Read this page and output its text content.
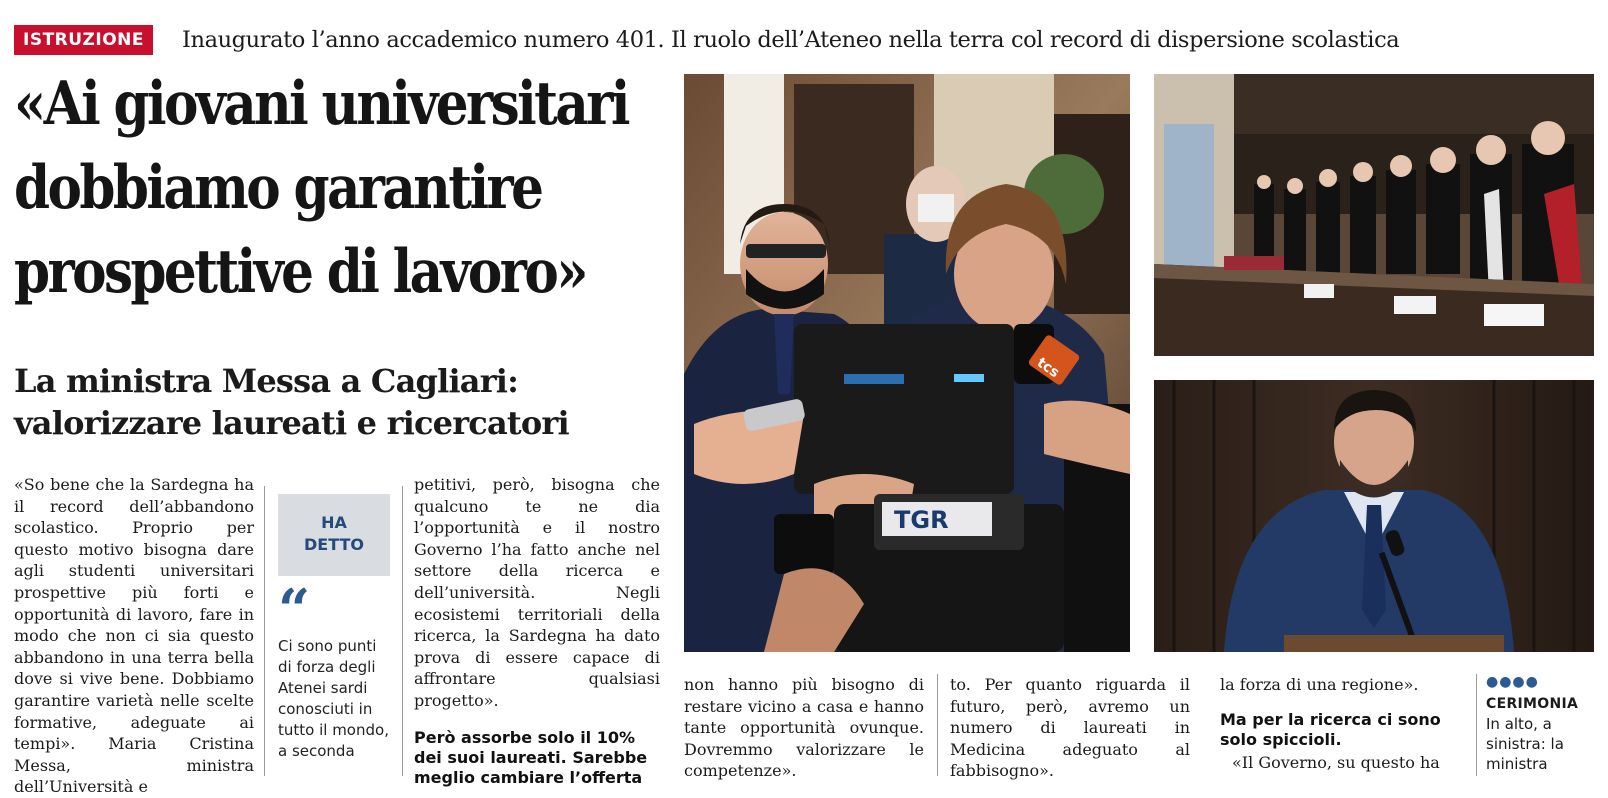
ISTRUZIONE	Inaugurato l’anno accademico numero 401. Il ruolo dell’Ateneo nella terra col record di dispersione scolastica
«Ai giovani universitari
dobbiamo garantire
prospettive di lavoro»
La ministra Messa a Cagliari:
valorizzare laureati e ricercatori

«So bene che la Sardegna ha il record dell’abbandono scolastico. Proprio per questo motivo bisogna dare agli studenti universitari prospettive più forti e opportunità di lavoro, fare in modo che non ci sia questo abbandono in una terra bella dove si vive bene. Dobbiamo garantire varietà nelle scelte formative, adeguate ai tempi». Maria Cristina Messa, ministra dell’Università e

HA
DETTO
“

Ci sono punti di forza degli Atenei sardi conosciuti in tutto il mondo, a seconda

petitivi, però, bisogna che qualcuno te ne dia l’opportunità e il nostro Governo l’ha fatto anche nel settore della ricerca e dell’università. Negli ecosistemi territoriali della ricerca, la Sardegna ha dato prova di essere capace di affrontare qualsiasi progetto».

Però assorbe solo il 10%
dei suoi laureati. Sarebbe
meglio cambiare l’offerta
tcs
TGR

non hanno più bisogno di restare vicino a casa e hanno tante opportunità ovunque. Dovremmo valorizzare le competenze».

to. Per quanto riguarda il futuro, però, avremo un numero di laureati in Medicina adeguato al fabbisogno».

la forza di una regione».

Ma per la ricerca ci sono
solo spiccioli.

«Il Governo, su questo ha

●●●●
CERIMONIA
In alto, a sinistra: la ministra
